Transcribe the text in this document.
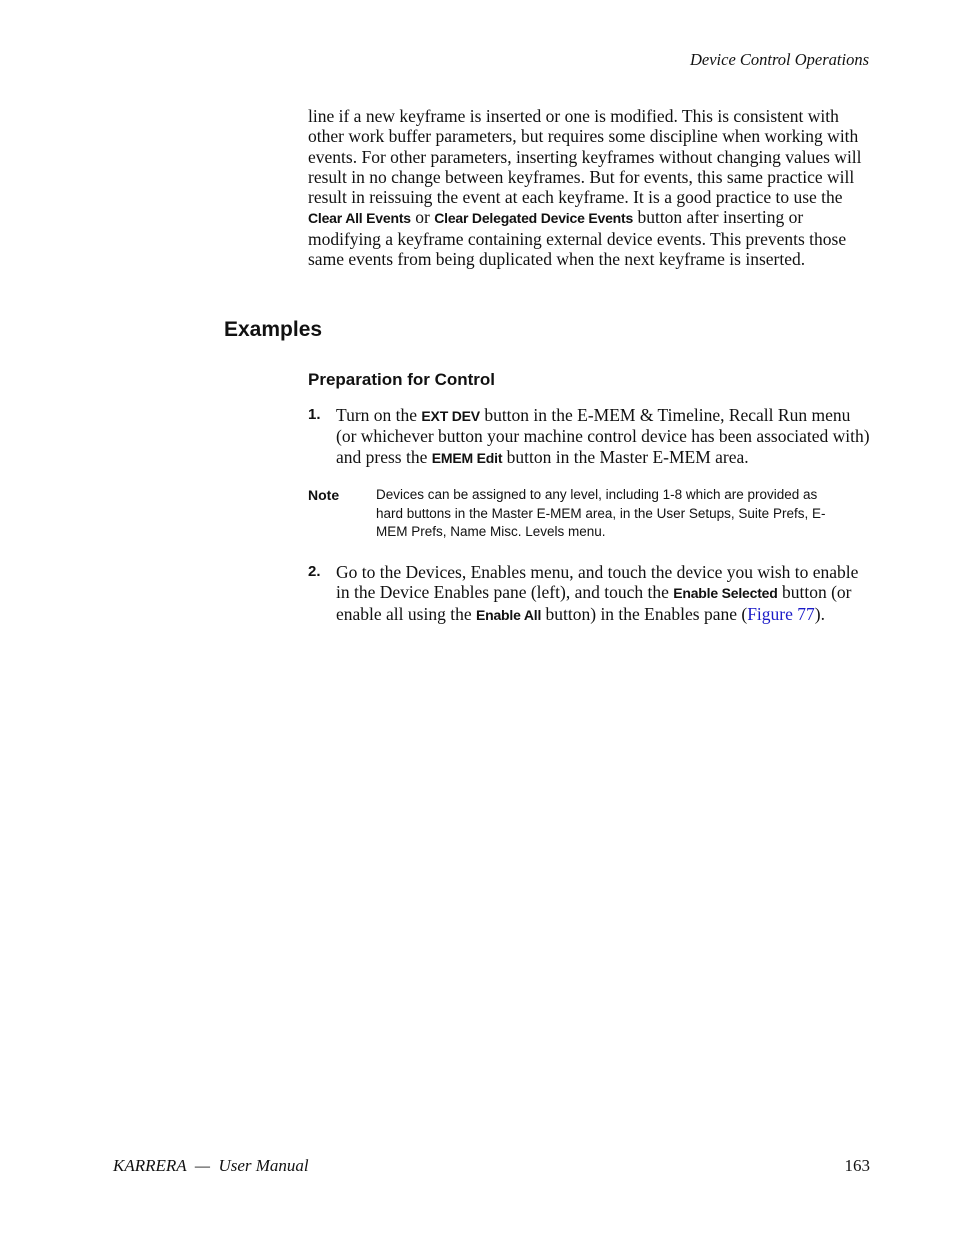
Device Control Operations

line if a new keyframe is inserted or one is modified. This is consistent with other work buffer parameters, but requires some discipline when working with events. For other parameters, inserting keyframes without changing values will result in no change between keyframes. But for events, this same practice will result in reissuing the event at each keyframe. It is a good practice to use the Clear All Events or Clear Delegated Device Events button after inserting or modifying a keyframe containing external device events. This prevents those same events from being duplicated when the next keyframe is inserted.

Examples
Preparation for Control
1. Turn on the EXT DEV button in the E-MEM & Timeline, Recall Run menu (or whichever button your machine control device has been associated with) and press the EMEM Edit button in the Master E-MEM area.
Note	Devices can be assigned to any level, including 1-8 which are provided as hard buttons in the Master E-MEM area, in the User Setups, Suite Prefs, E-MEM Prefs, Name Misc. Levels menu.
2. Go to the Devices, Enables menu, and touch the device you wish to enable in the Device Enables pane (left), and touch the Enable Selected button (or enable all using the Enable All button) in the Enables pane (Figure 77).
KARRERA  —  User Manual	163
